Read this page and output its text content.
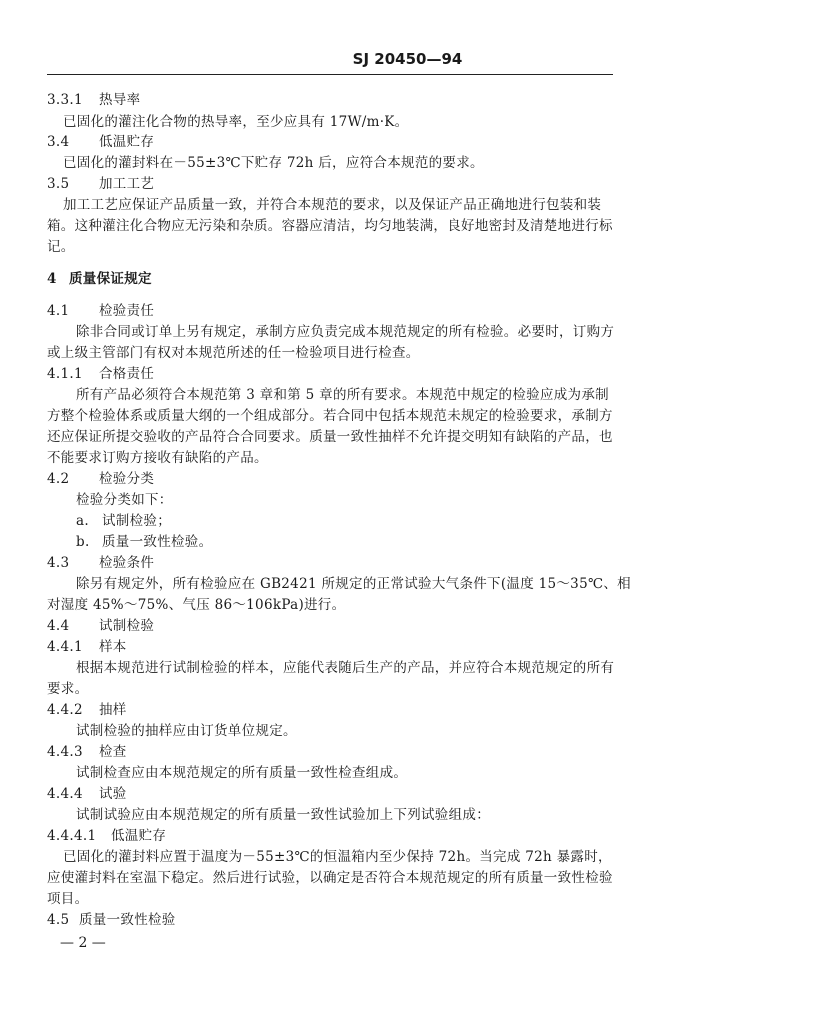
SJ 20450—94
3.3.1 热导率
已固化的灌注化合物的热导率，至少应具有 17W/m·K。
3.4 低温贮存
已固化的灌封料在－55±3℃下贮存 72h 后，应符合本规范的要求。
3.5 加工工艺
加工工艺应保证产品质量一致，并符合本规范的要求，以及保证产品正确地进行包装和装
箱。这种灌注化合物应无污染和杂质。容器应清洁，均匀地装满，良好地密封及清楚地进行标
记。
4 质量保证规定
4.1 检验责任
除非合同或订单上另有规定，承制方应负责完成本规范规定的所有检验。必要时，订购方
或上级主管部门有权对本规范所述的任一检验项目进行检查。
4.1.1 合格责任
所有产品必须符合本规范第 3 章和第 5 章的所有要求。本规范中规定的检验应成为承制
方整个检验体系或质量大纲的一个组成部分。若合同中包括本规范未规定的检验要求，承制方
还应保证所提交验收的产品符合合同要求。质量一致性抽样不允许提交明知有缺陷的产品，也
不能要求订购方接收有缺陷的产品。
4.2 检验分类
检验分类如下：
a. 试制检验；
b. 质量一致性检验。
4.3 检验条件
除另有规定外，所有检验应在 GB2421 所规定的正常试验大气条件下(温度 15～35℃、相
对湿度 45%～75%、气压 86～106kPa)进行。
4.4 试制检验
4.4.1 样本
根据本规范进行试制检验的样本，应能代表随后生产的产品，并应符合本规范规定的所有
要求。
4.4.2 抽样
试制检验的抽样应由订货单位规定。
4.4.3 检查
试制检查应由本规范规定的所有质量一致性检查组成。
4.4.4 试验
试制试验应由本规范规定的所有质量一致性试验加上下列试验组成：
4.4.4.1 低温贮存
已固化的灌封料应置于温度为－55±3℃的恒温箱内至少保持 72h。当完成 72h 暴露时，
应使灌封料在室温下稳定。然后进行试验，以确定是否符合本规范规定的所有质量一致性检验
项目。
4.5 质量一致性检验
— 2 —
